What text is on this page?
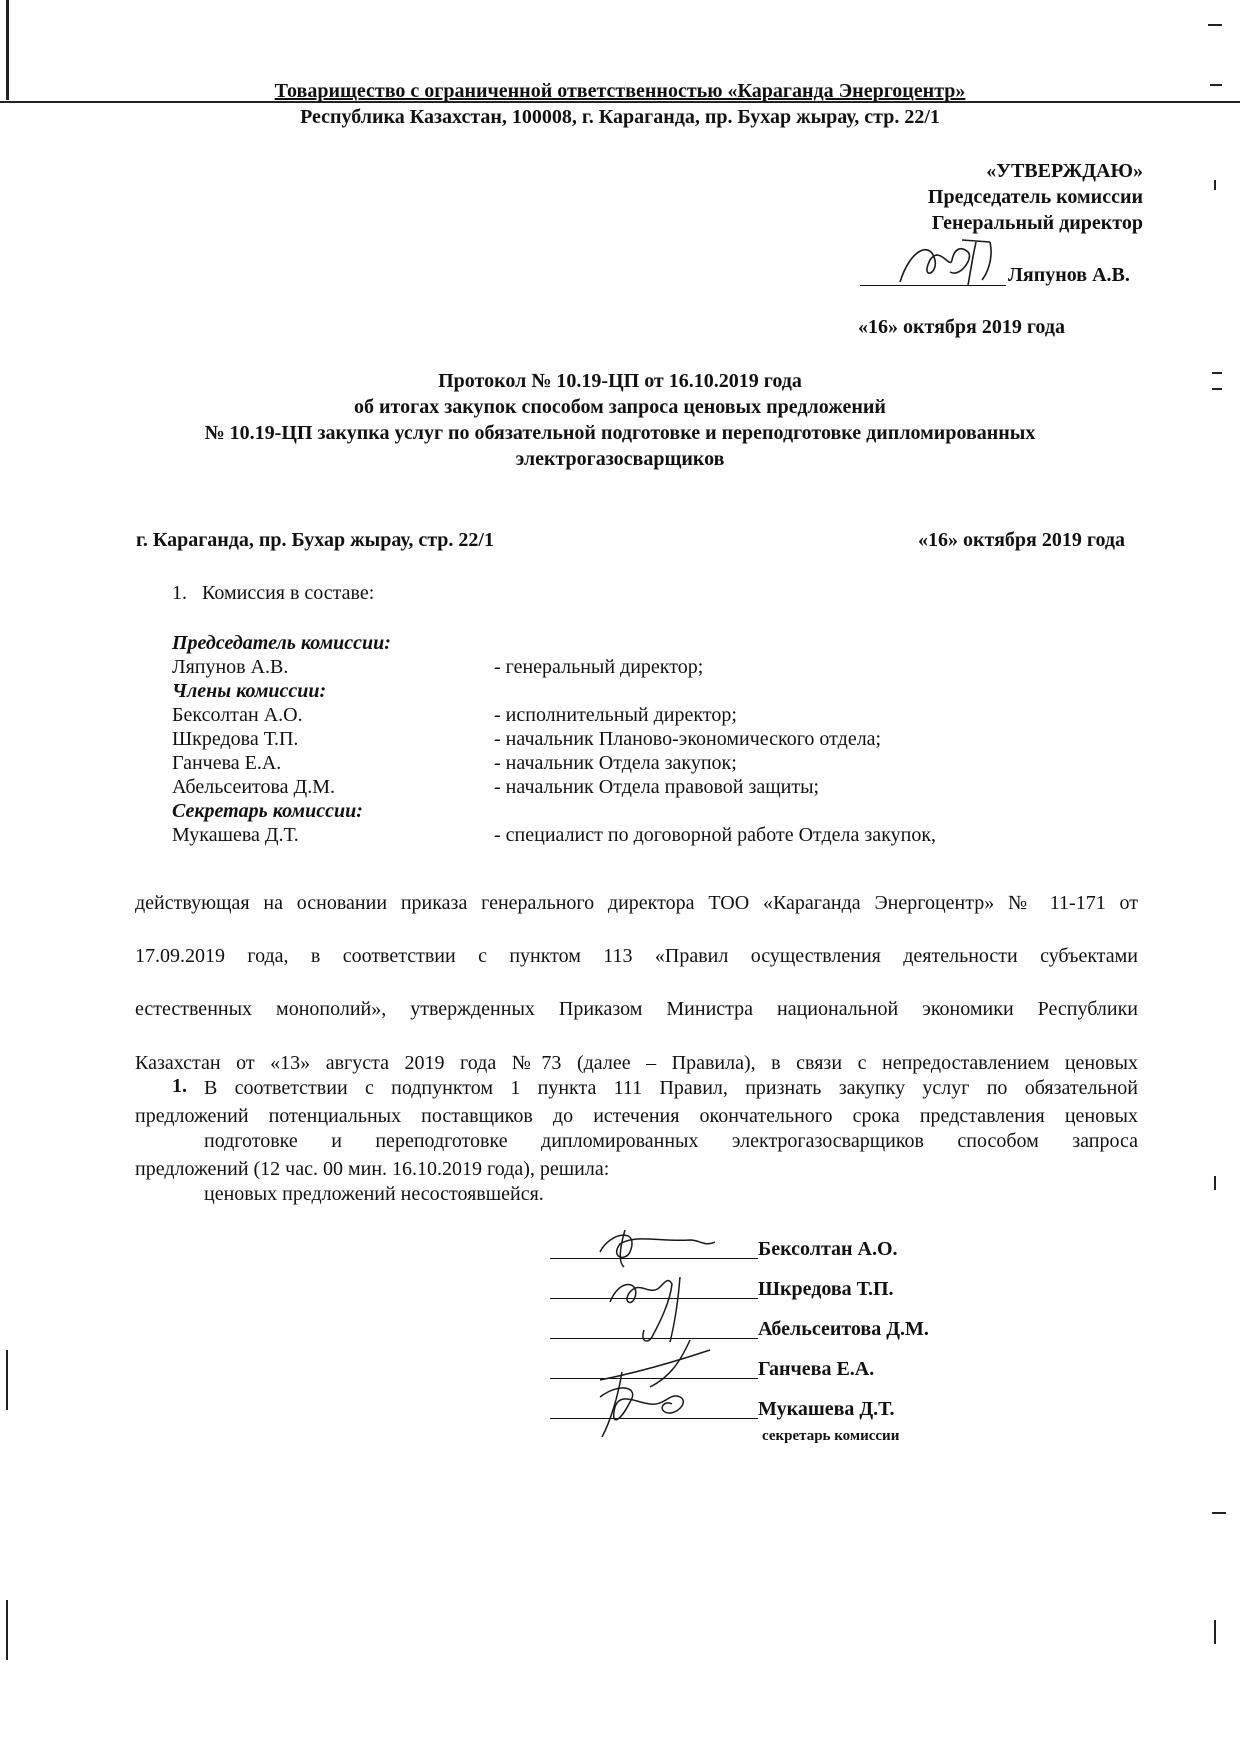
Товарищество с ограниченной ответственностью «Караганда Энергоцентр»
Республика Казахстан, 100008, г. Караганда, пр. Бухар жырау, стр. 22/1
«УТВЕРЖДАЮ»
Председатель комиссии
Генеральный директор
Ляпунов А.В.
«16» октября 2019 года
Протокол № 10.19-ЦП от 16.10.2019 года
об итогах закупок способом запроса ценовых предложений
№ 10.19-ЦП закупка услуг по обязательной подготовке и переподготовке дипломированных
электрогазосварщиков
г. Караганда, пр. Бухар жырау, стр. 22/1	«16» октября 2019 года
1. Комиссия в составе:
Председатель комиссии:
Ляпунов А.В.	- генеральный директор;
Члены комиссии:
Бексолтан А.О.	- исполнительный директор;
Шкредова Т.П.	- начальник Планово-экономического отдела;
Ганчева Е.А.	- начальник Отдела закупок;
Абельсеитова Д.М.	- начальник Отдела правовой защиты;
Секретарь комиссии:
Мукашева Д.Т.	- специалист по договорной работе Отдела закупок,
действующая на основании приказа генерального директора ТОО «Караганда Энергоцентр» № 11-171 от
17.09.2019 года, в соответствии с пунктом 113 «Правил осуществления деятельности субъектами
естественных монополий», утвержденных Приказом Министра национальной экономики Республики
Казахстан от «13» августа 2019 года №73 (далее – Правила), в связи с непредоставлением ценовых
предложений потенциальных поставщиков до истечения окончательного срока представления ценовых
предложений (12 час. 00 мин. 16.10.2019 года), решила:
1. В соответствии с подпунктом 1 пункта 111 Правил, признать закупку услуг по обязательной
подготовке и переподготовке дипломированных электрогазосварщиков способом запроса
ценовых предложений несостоявшейся.
Бексолтан А.О.
Шкредова Т.П.
Абельсеитова Д.М.
Ганчева Е.А.
Мукашева Д.Т.
секретарь комиссии
